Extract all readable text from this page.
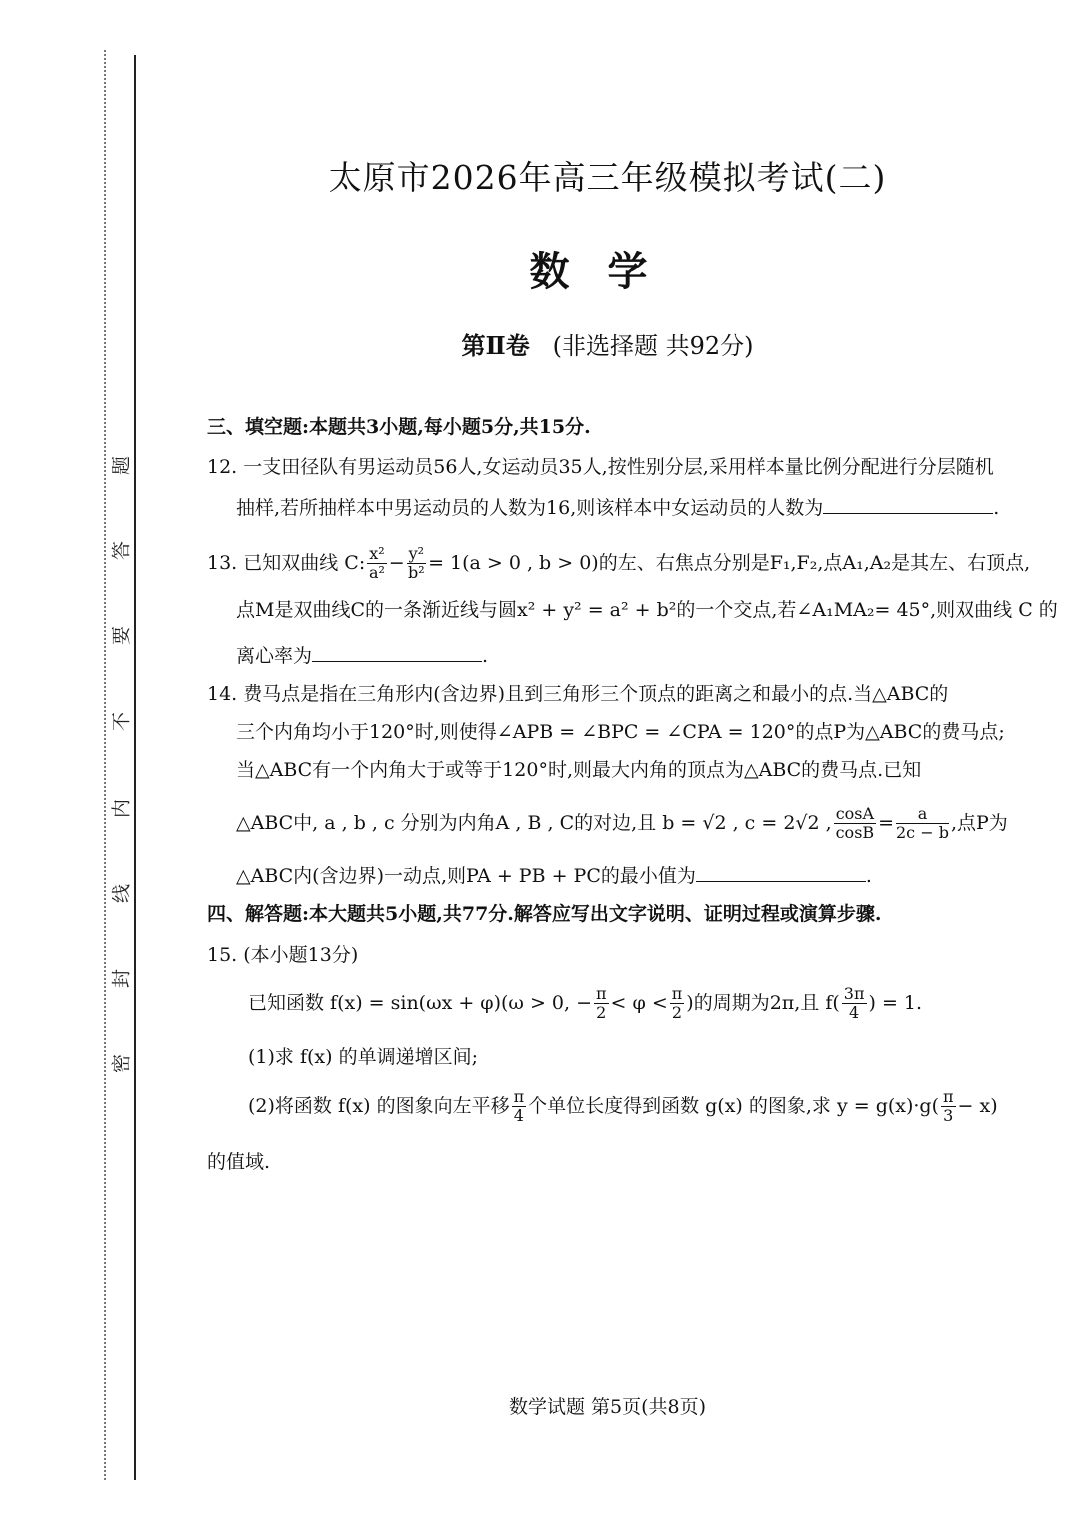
题
答
要
不
内
线
封
密
太原市2026年高三年级模拟考试(二)
数学
第Ⅱ卷 (非选择题 共92分)
三、填空题:本题共3小题,每小题5分,共15分.
12. 一支田径队有男运动员56人,女运动员35人,按性别分层,采用样本量比例分配进行分层随机
抽样,若所抽样本中男运动员的人数为16,则该样本中女运动员的人数为	.
13. 已知双曲线 C: $\frac{\text{x²}}{\text{a²}} - \frac{\text{y²}}{\text{b²}} = 1(a > 0$ , b > 0)的左、右焦点分别是F₁,F₂,点A₁,A₂是其左、右顶点,
点M是双曲线C的一条渐近线与圆x² + y² = a² + b²的一个交点,若∠A₁MA₂= 45°,则双曲线 C 的
离心率为	.
14. 费马点是指在三角形内(含边界)且到三角形三个顶点的距离之和最小的点.当△ABC的
三个内角均小于120°时,则使得∠APB = ∠BPC = ∠CPA = 120°的点P为△ABC的费马点;
当△ABC有一个内角大于或等于120°时,则最大内角的顶点为△ABC的费马点.已知
△ABC中, a , b , c 分别为内角A , B , C的对边,且 b = √2 , c = 2√2 , $\frac{\cos A}{\cos B} = \frac{a}{2c - b}$ ,点P为
△ABC内(含边界)一动点,则PA + PB + PC的最小值为	.
四、解答题:本大题共5小题,共77分.解答应写出文字说明、证明过程或演算步骤.
15. (本小题13分)
已知函数 f(x) = sin(ωx + φ)(ω > 0, − $\frac{\pi}{2} < \varphi < \frac{\pi}{2}$ )的周期为2π,且 $f( \frac{3\pi}{4}$ ) = 1.
(1)求 f(x) 的单调递增区间;
(2)将函数 f(x) 的图象向左平移 $\frac{\pi}{4}$ 个单位长度得到函数 g(x) 的图象,求 $y = g(x)\cdot g( \frac{\pi}{3} - x)$
的值域.
数学试题 第5页(共8页)
